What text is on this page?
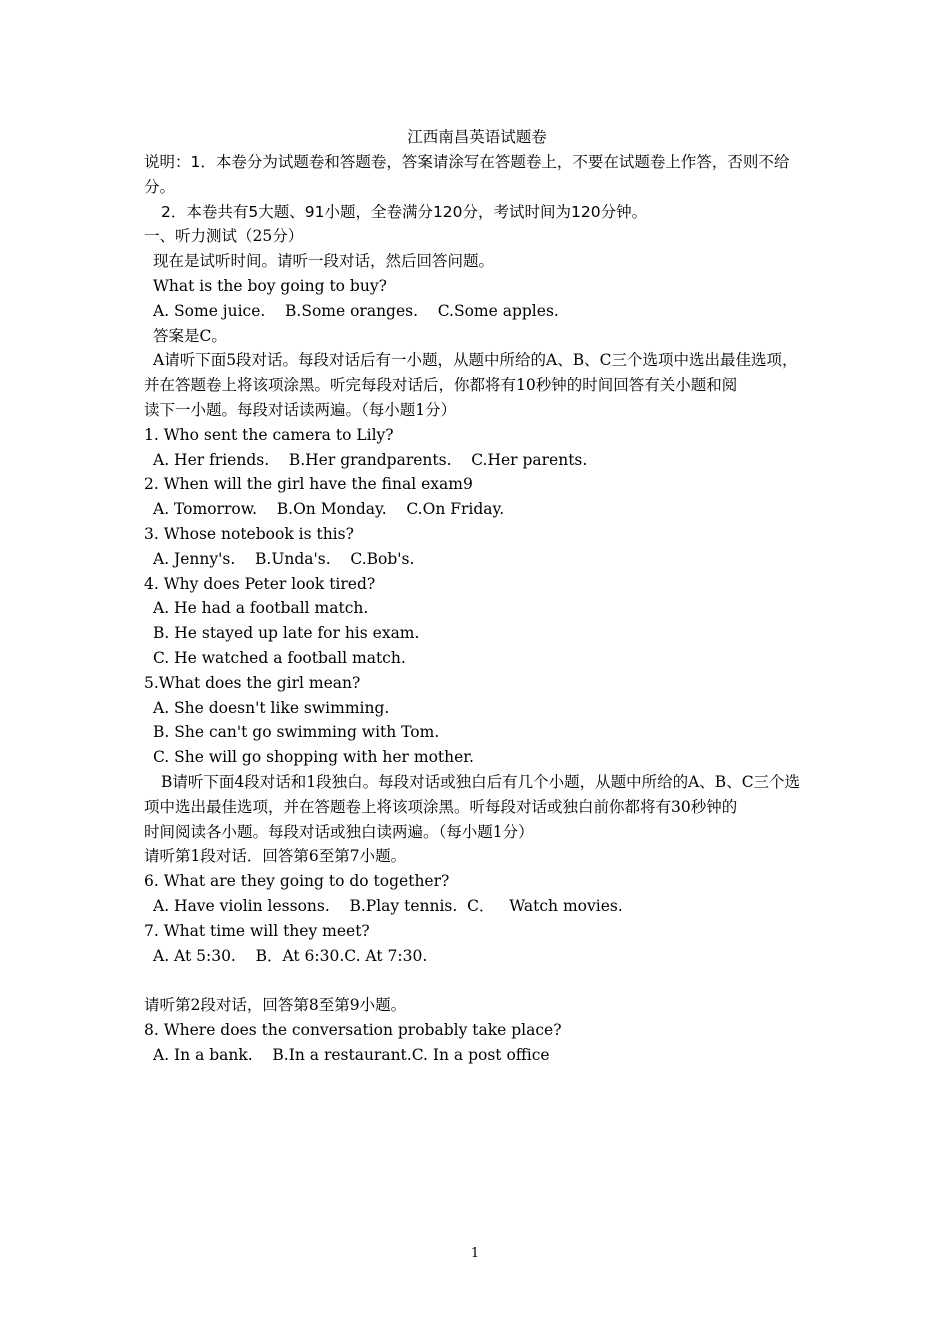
江西南昌英语试题卷
说明：1．本卷分为试题卷和答题卷，答案请涂写在答题卷上，不要在试题卷上作答，否则不给分。
2．本卷共有5大题、91小题，全卷满分120分，考试时间为120分钟。
一、听力测试（25分）
现在是试听时间。请听一段对话，然后回答问题。
What is the boy going to buy?
A. Some juice.    B.Some oranges.    C.Some apples.
答案是C。
A请听下面5段对话。每段对话后有一小题，从题中所给的A、B、C三个选项中选出最佳选项，并在答题卷上将该项涂黑。听完每段对话后，你都将有10秒钟的时间回答有关小题和阅
读下一小题。每段对话读两遍。（每小题1分）
1. Who sent the camera to Lily?
A. Her friends.    B.Her grandparents.    C.Her parents.
2. When will the girl have the final exam9
A. Tomorrow.    B.On Monday.    C.On Friday.
3. Whose notebook is this?
A. Jenny's.    B.Unda's.    C.Bob's.
4. Why does Peter look tired?
A. He had a football match.
B. He stayed up late for his exam.
C. He watched a football match.
5.What does the girl mean?
A. She doesn't like swimming.
B. She can't go swimming with Tom.
C. She will go shopping with her mother.
B请听下面4段对话和1段独白。每段对话或独白后有几个小题，从题中所给的A、B、C三个选项中选出最佳选项，并在答题卷上将该项涂黑。听每段对话或独白前你都将有30秒钟的
时间阅读各小题。每段对话或独白读两遍。（每小题1分）
请听第1段对话．回答第6至第7小题。
6. What are they going to do together?
A. Have violin lessons.    B.Play tennis.  C．   Watch movies.
7. What time will they meet?
A. At 5:30.    B．At 6:30.C. At 7:30.
请听第2段对话，回答第8至第9小题。
8. Where does the conversation probably take place?
A. In a bank.    B.In a restaurant.C. In a post office
1
